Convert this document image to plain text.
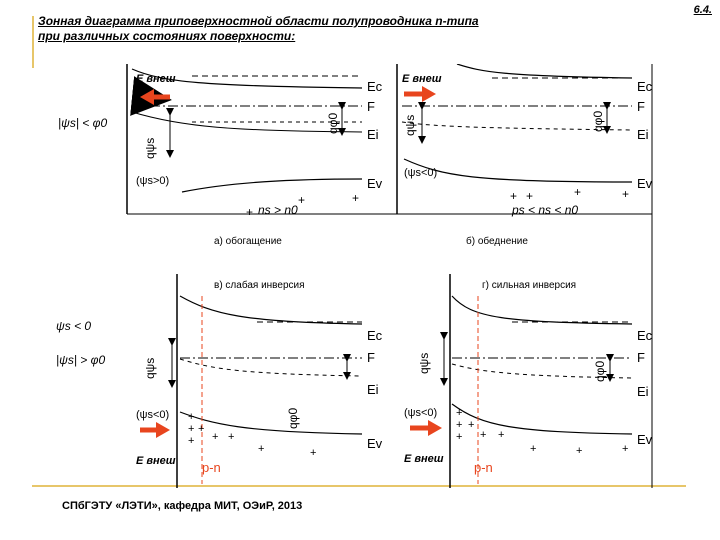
6.4.
Зонная диаграмма приповерхностной области полупроводника n-типа
при различных состояниях поверхности:
E внеш	Ec
F
Ei
Ev
qφ0
qψs
|ψs| < φ0
(ψs>0)
+
+	+
ns > n0
E внеш	Ec
F
Ei
Ev
qφ0
qψs
(ψs<0)
+ +	+	+
ps < ns < n0
а) обогащение	б) обеднение
в) слабая инверсия	г) сильная инверсия
ψs < 0
|ψs| > φ0
Ec
F
Ei
Ev
p-n
qψs
qφ0
(ψs<0)
E внеш
+
+
+
+
+ +
+	+
Ec
F
Ei
Ev
p-n
qψs	qφ0
(ψs<0)
E внеш
+
+
+
+
+ +
+	+	+
СПбГЭТУ «ЛЭТИ», кафедра МИТ, ОЭиР, 2013
